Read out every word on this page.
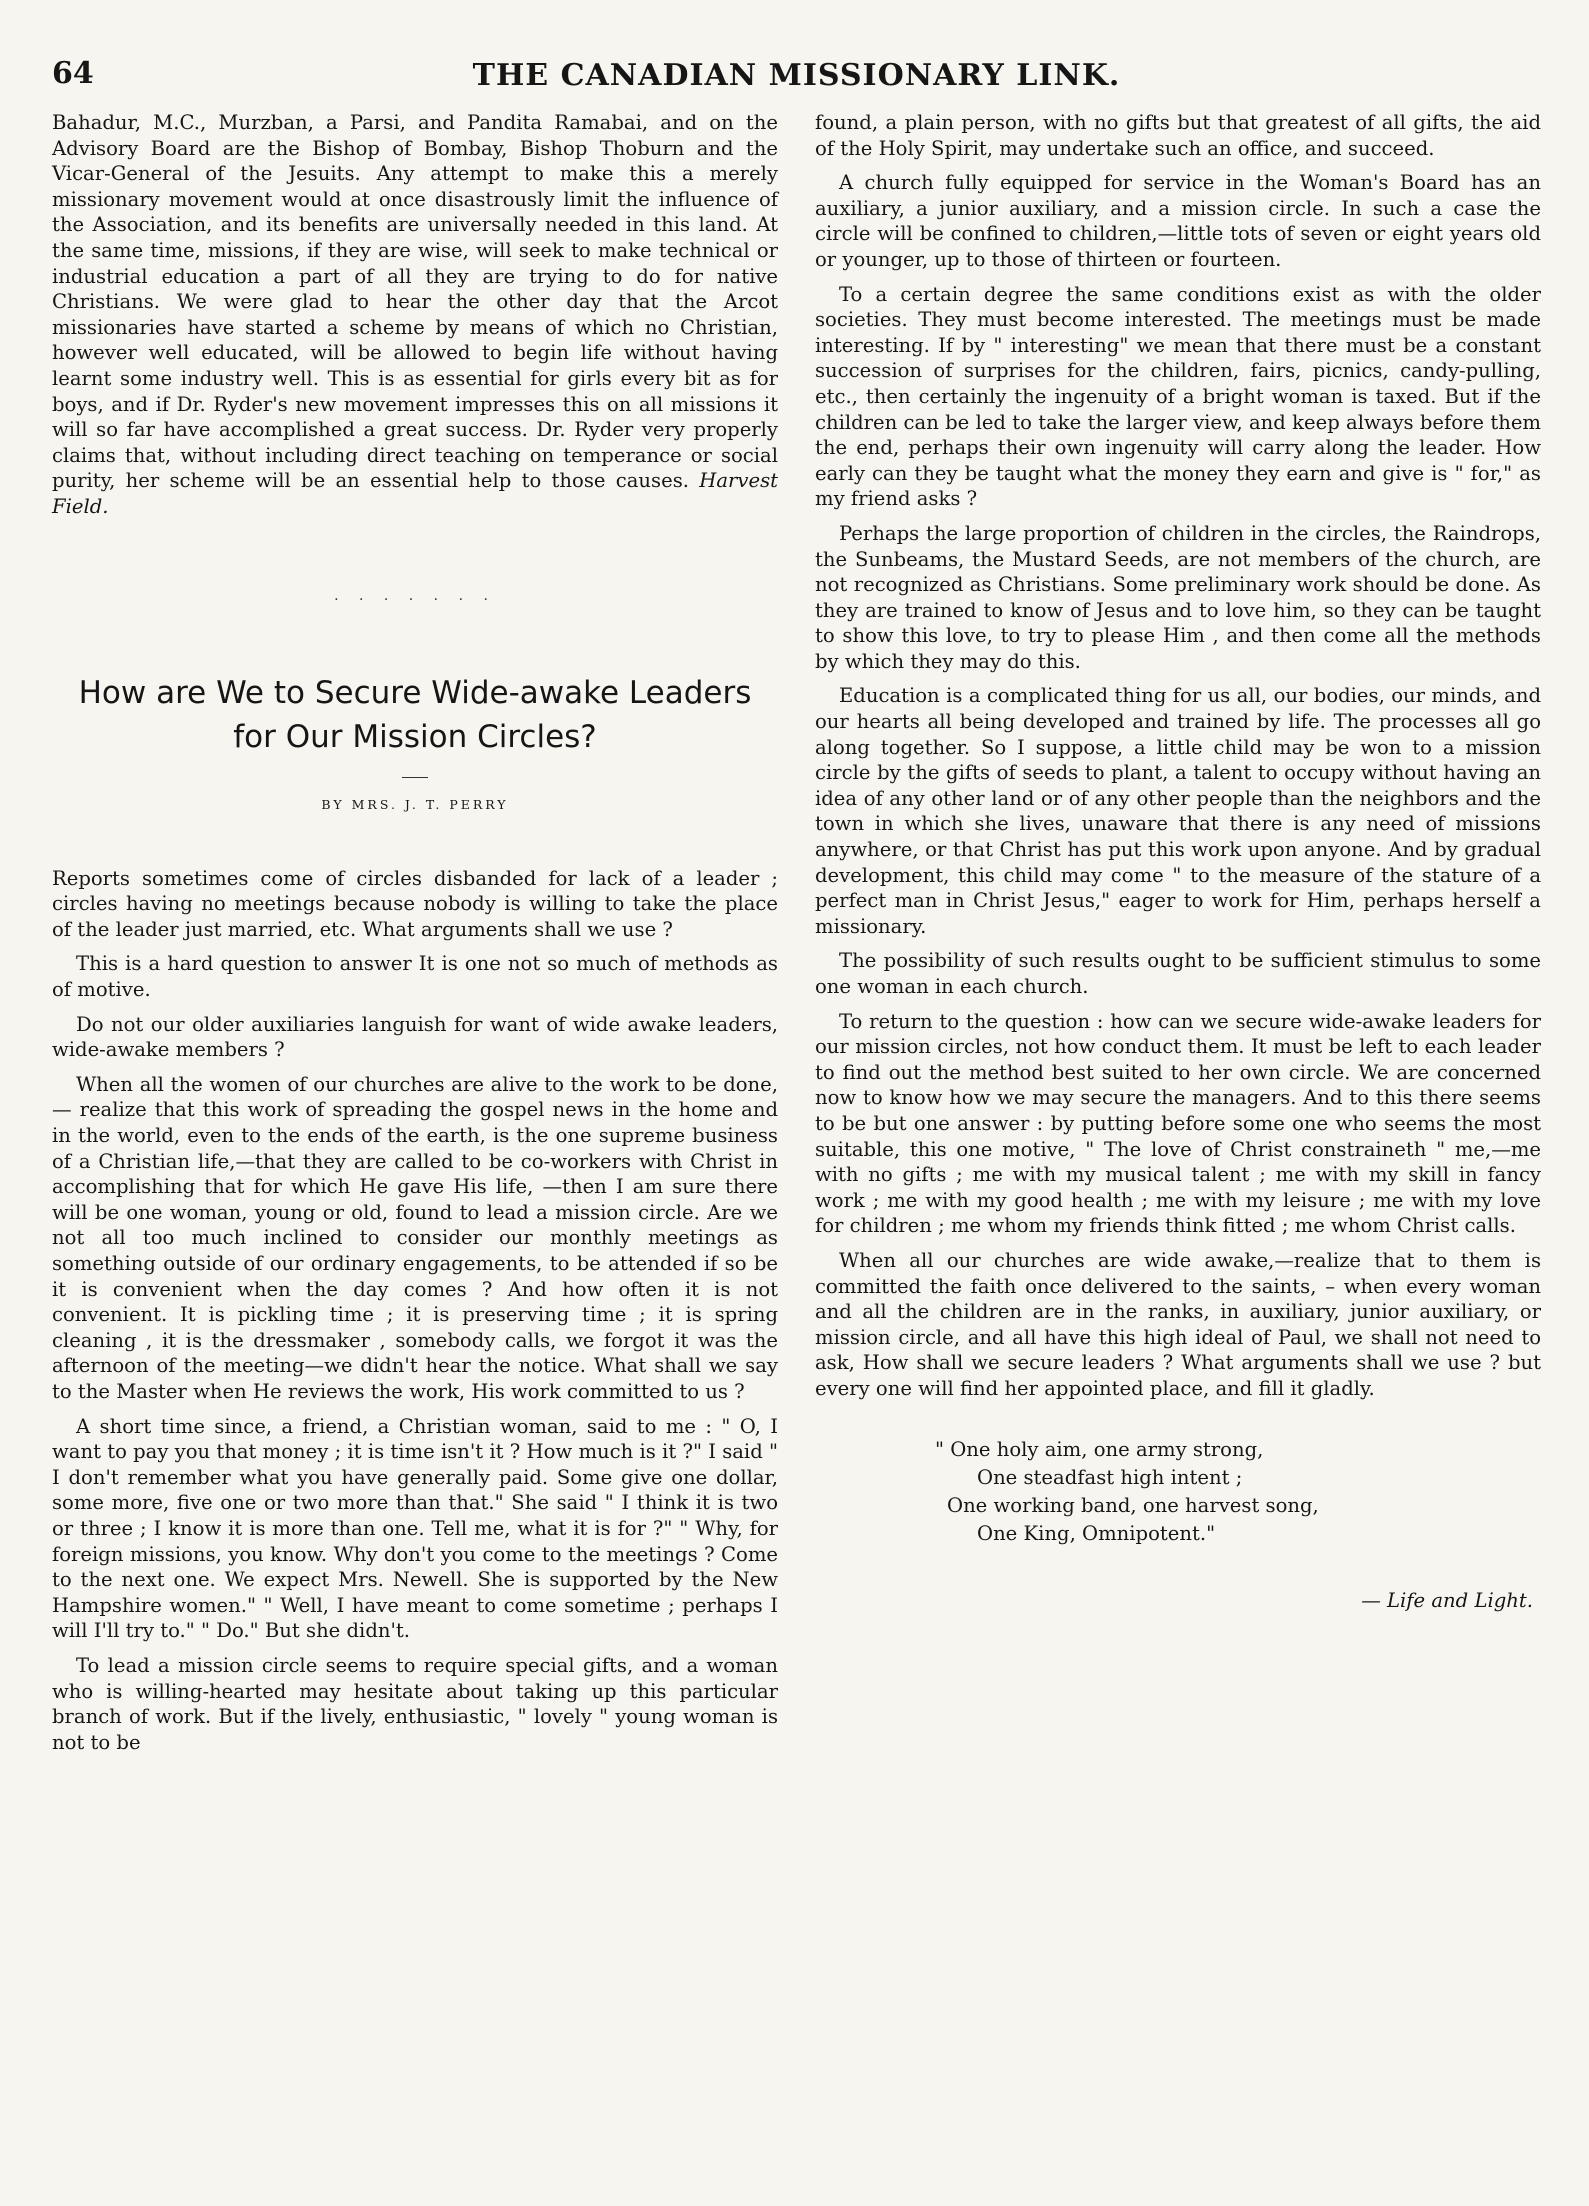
64	THE CANADIAN MISSIONARY LINK.

Bahadur, M.C., Murzban, a Parsi, and Pandita Ramabai, and on the Advisory Board are the Bishop of Bombay, Bishop Thoburn and the Vicar-General of the Jesuits. Any attempt to make this a merely missionary movement would at once disastrously limit the influence of the Association, and its benefits are universally needed in this land. At the same time, missions, if they are wise, will seek to make technical or industrial education a part of all they are trying to do for native Christians. We were glad to hear the other day that the Arcot missionaries have started a scheme by means of which no Christian, however well educated, will be allowed to begin life without having learnt some industry well. This is as essential for girls every bit as for boys, and if Dr. Ryder's new movement impresses this on all missions it will so far have accomplished a great success. Dr. Ryder very properly claims that, without including direct teaching on temperance or social purity, her scheme will be an essential help to those causes. Harvest Field.

· · · · · · ·
How are We to Secure Wide-awake Leaders for Our Mission Circles?
BY MRS. J. T. PERRY

Reports sometimes come of circles disbanded for lack of a leader ; circles having no meetings because nobody is willing to take the place of the leader just married, etc. What arguments shall we use ?

This is a hard question to answer It is one not so much of methods as of motive.

Do not our older auxiliaries languish for want of wide awake leaders, wide-awake members ?

When all the women of our churches are alive to the work to be done,— realize that this work of spreading the gospel news in the home and in the world, even to the ends of the earth, is the one supreme business of a Christian life,—that they are called to be co-workers with Christ in accomplishing that for which He gave His life, —then I am sure there will be one woman, young or old, found to lead a mission circle. Are we not all too much inclined to consider our monthly meetings as something outside of our ordinary engagements, to be attended if so be it is convenient when the day comes ? And how often it is not convenient. It is pickling time ; it is preserving time ; it is spring cleaning , it is the dressmaker , somebody calls, we forgot it was the afternoon of the meeting—we didn't hear the notice. What shall we say to the Master when He reviews the work, His work committed to us ?

A short time since, a friend, a Christian woman, said to me : " O, I want to pay you that money ; it is time isn't it ? How much is it ?" I said " I don't remember what you have generally paid. Some give one dollar, some more, five one or two more than that." She said " I think it is two or three ; I know it is more than one. Tell me, what it is for ?" " Why, for foreign missions, you know. Why don't you come to the meetings ? Come to the next one. We expect Mrs. Newell. She is supported by the New Hampshire women." " Well, I have meant to come sometime ; perhaps I will I'll try to." " Do." But she didn't.

To lead a mission circle seems to require special gifts, and a woman who is willing-hearted may hesitate about taking up this particular branch of work. But if the lively, enthusiastic, " lovely " young woman is not to be

found, a plain person, with no gifts but that greatest of all gifts, the aid of the Holy Spirit, may undertake such an office, and succeed.

A church fully equipped for service in the Woman's Board has an auxiliary, a junior auxiliary, and a mission circle. In such a case the circle will be confined to children,—little tots of seven or eight years old or younger, up to those of thirteen or fourteen.

To a certain degree the same conditions exist as with the older societies. They must become interested. The meetings must be made interesting. If by " interesting" we mean that there must be a constant succession of surprises for the children, fairs, picnics, candy-pulling, etc., then certainly the ingenuity of a bright woman is taxed. But if the children can be led to take the larger view, and keep always before them the end, perhaps their own ingenuity will carry along the leader. How early can they be taught what the money they earn and give is " for," as my friend asks ?

Perhaps the large proportion of children in the circles, the Raindrops, the Sunbeams, the Mustard Seeds, are not members of the church, are not recognized as Christians. Some preliminary work should be done. As they are trained to know of Jesus and to love him, so they can be taught to show this love, to try to please Him , and then come all the methods by which they may do this.

Education is a complicated thing for us all, our bodies, our minds, and our hearts all being developed and trained by life. The processes all go along together. So I suppose, a little child may be won to a mission circle by the gifts of seeds to plant, a talent to occupy without having an idea of any other land or of any other people than the neighbors and the town in which she lives, unaware that there is any need of missions anywhere, or that Christ has put this work upon anyone. And by gradual development, this child may come " to the measure of the stature of a perfect man in Christ Jesus," eager to work for Him, perhaps herself a missionary.

The possibility of such results ought to be sufficient stimulus to some one woman in each church.

To return to the question : how can we secure wide-awake leaders for our mission circles, not how conduct them. It must be left to each leader to find out the method best suited to her own circle. We are concerned now to know how we may secure the managers. And to this there seems to be but one answer : by putting before some one who seems the most suitable, this one motive, " The love of Christ constraineth " me,—me with no gifts ; me with my musical talent ; me with my skill in fancy work ; me with my good health ; me with my leisure ; me with my love for children ; me whom my friends think fitted ; me whom Christ calls.

When all our churches are wide awake,—realize that to them is committed the faith once delivered to the saints, – when every woman and all the children are in the ranks, in auxiliary, junior auxiliary, or mission circle, and all have this high ideal of Paul, we shall not need to ask, How shall we secure leaders ? What arguments shall we use ? but every one will find her appointed place, and fill it gladly.

" One holy aim, one army strong,
One steadfast high intent ;
One working band, one harvest song,
One King, Omnipotent."
— Life and Light.
